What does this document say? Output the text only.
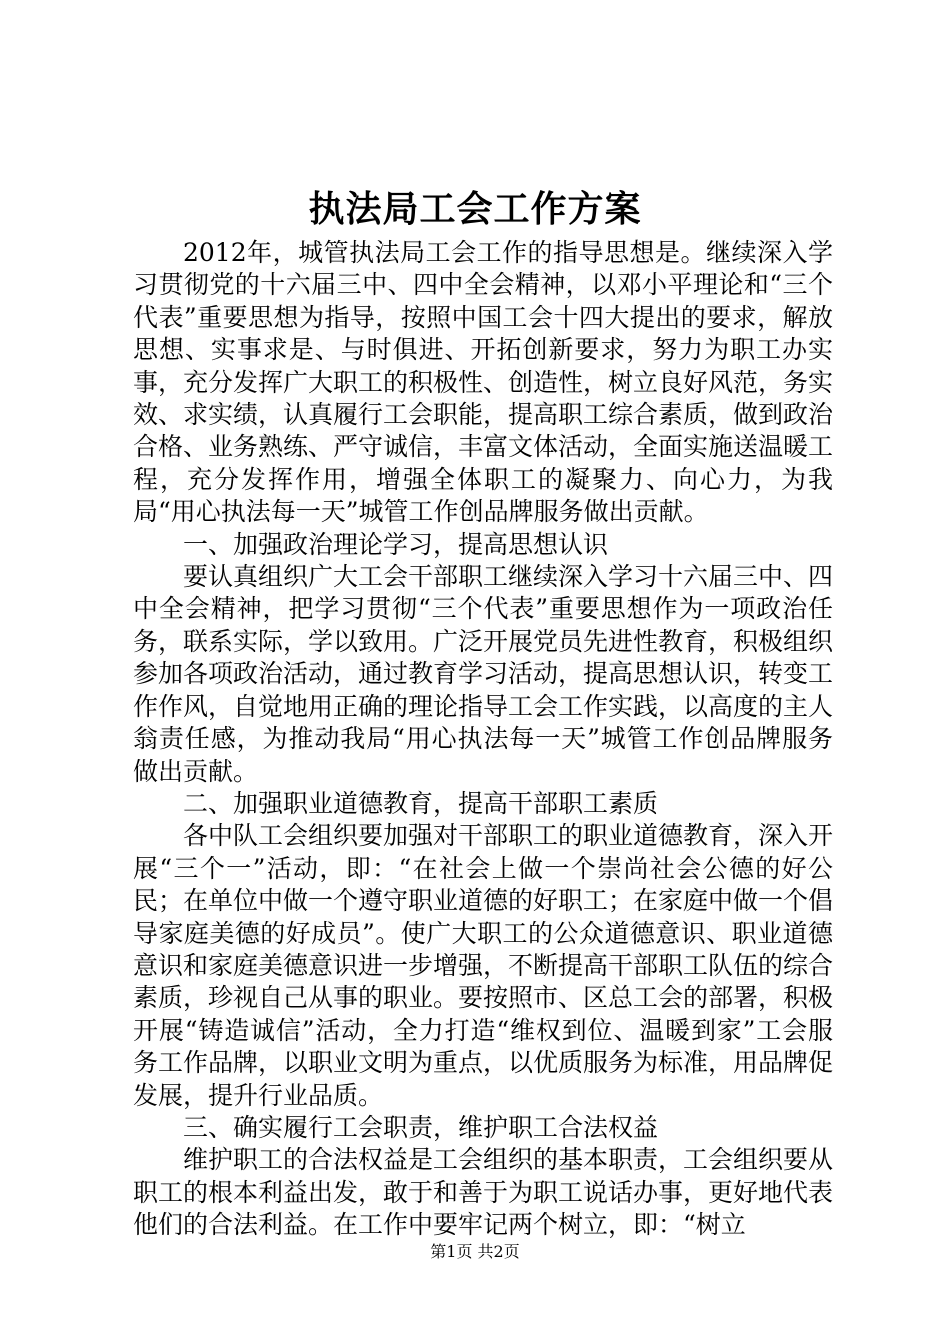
执法局工会工作方案

2012年，城管执法局工会工作的指导思想是。继续深入学习贯彻党的十六届三中、四中全会精神，以邓小平理论和“三个代表”重要思想为指导，按照中国工会十四大提出的要求，解放思想、实事求是、与时俱进、开拓创新要求，努力为职工办实事，充分发挥广大职工的积极性、创造性，树立良好风范，务实效、求实绩，认真履行工会职能，提高职工综合素质，做到政治合格、业务熟练、严守诚信，丰富文体活动，全面实施送温暖工程，充分发挥作用，增强全体职工的凝聚力、向心力，为我局“用心执法每一天”城管工作创品牌服务做出贡献。

一、加强政治理论学习，提高思想认识

要认真组织广大工会干部职工继续深入学习十六届三中、四中全会精神，把学习贯彻“三个代表”重要思想作为一项政治任务，联系实际，学以致用。广泛开展党员先进性教育，积极组织参加各项政治活动，通过教育学习活动，提高思想认识，转变工作作风，自觉地用正确的理论指导工会工作实践，以高度的主人翁责任感，为推动我局“用心执法每一天”城管工作创品牌服务做出贡献。

二、加强职业道德教育，提高干部职工素质

各中队工会组织要加强对干部职工的职业道德教育，深入开展“三个一”活动，即：“在社会上做一个崇尚社会公德的好公民；在单位中做一个遵守职业道德的好职工；在家庭中做一个倡导家庭美德的好成员”。使广大职工的公众道德意识、职业道德意识和家庭美德意识进一步增强，不断提高干部职工队伍的综合素质，珍视自己从事的职业。要按照市、区总工会的部署，积极开展“铸造诚信”活动，全力打造“维权到位、温暖到家”工会服务工作品牌，以职业文明为重点，以优质服务为标准，用品牌促发展，提升行业品质。

三、确实履行工会职责，维护职工合法权益

维护职工的合法权益是工会组织的基本职责，工会组织要从职工的根本利益出发，敢于和善于为职工说话办事，更好地代表他们的合法利益。在工作中要牢记两个树立，即：“树立

第1页 共2页
